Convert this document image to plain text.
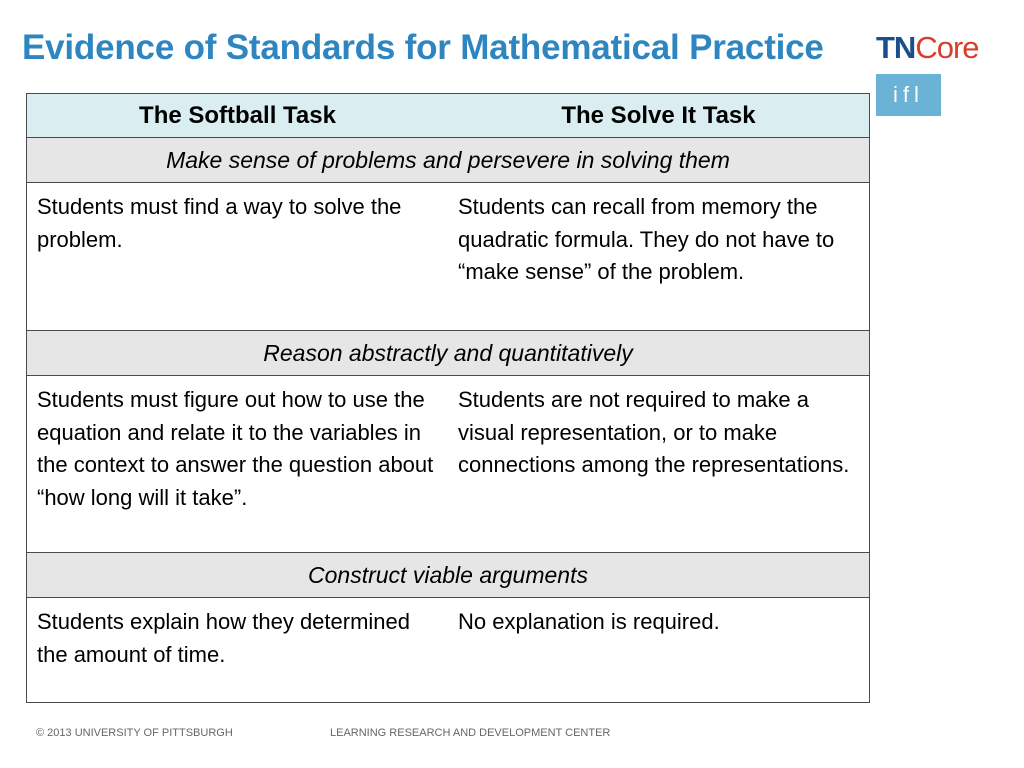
Evidence of Standards for Mathematical Practice TNCore
ifl
The Softball Task	The Solve It Task
Make sense of problems and persevere in solving them
Students must find a way to solve the problem.
Students can recall from memory the quadratic formula. They do not have to “make sense” of the problem.
Reason abstractly and quantitatively
Students must figure out how to use the equation and relate it to the variables in the context to answer the question about “how long will it take”.
Students are not required to make a visual representation, or to make connections among the representations.
Construct viable arguments
Students explain how they determined the amount of time.
No explanation is required.
© 2013 UNIVERSITY OF PITTSBURGH	LEARNING RESEARCH AND DEVELOPMENT CENTER
